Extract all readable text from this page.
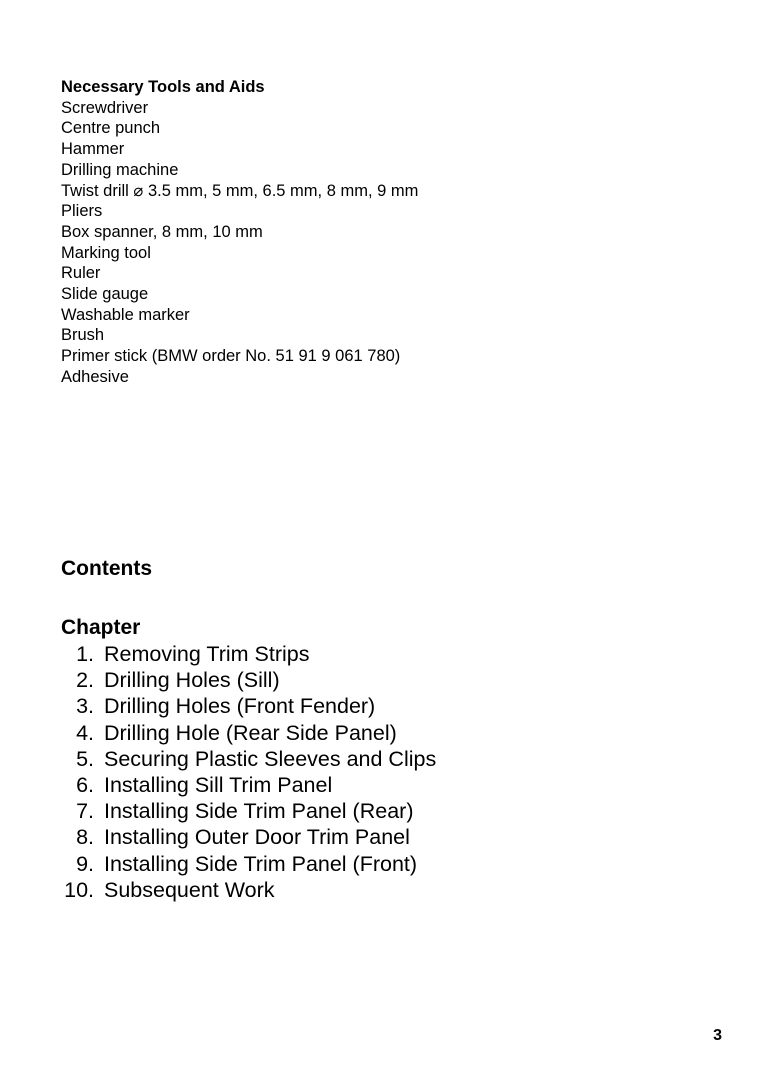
Necessary Tools and Aids
Screwdriver
Centre punch
Hammer
Drilling machine
Twist drill ⌀ 3.5 mm, 5 mm, 6.5 mm, 8 mm, 9 mm
Pliers
Box spanner, 8 mm, 10 mm
Marking tool
Ruler
Slide gauge
Washable marker
Brush
Primer stick (BMW order No. 51 91 9 061 780)
Adhesive
Contents
Chapter
1. Removing Trim Strips
2. Drilling Holes (Sill)
3. Drilling Holes (Front Fender)
4. Drilling Hole (Rear Side Panel)
5. Securing Plastic Sleeves and Clips
6. Installing Sill Trim Panel
7. Installing Side Trim Panel (Rear)
8. Installing Outer Door Trim Panel
9. Installing Side Trim Panel (Front)
10. Subsequent Work
3
